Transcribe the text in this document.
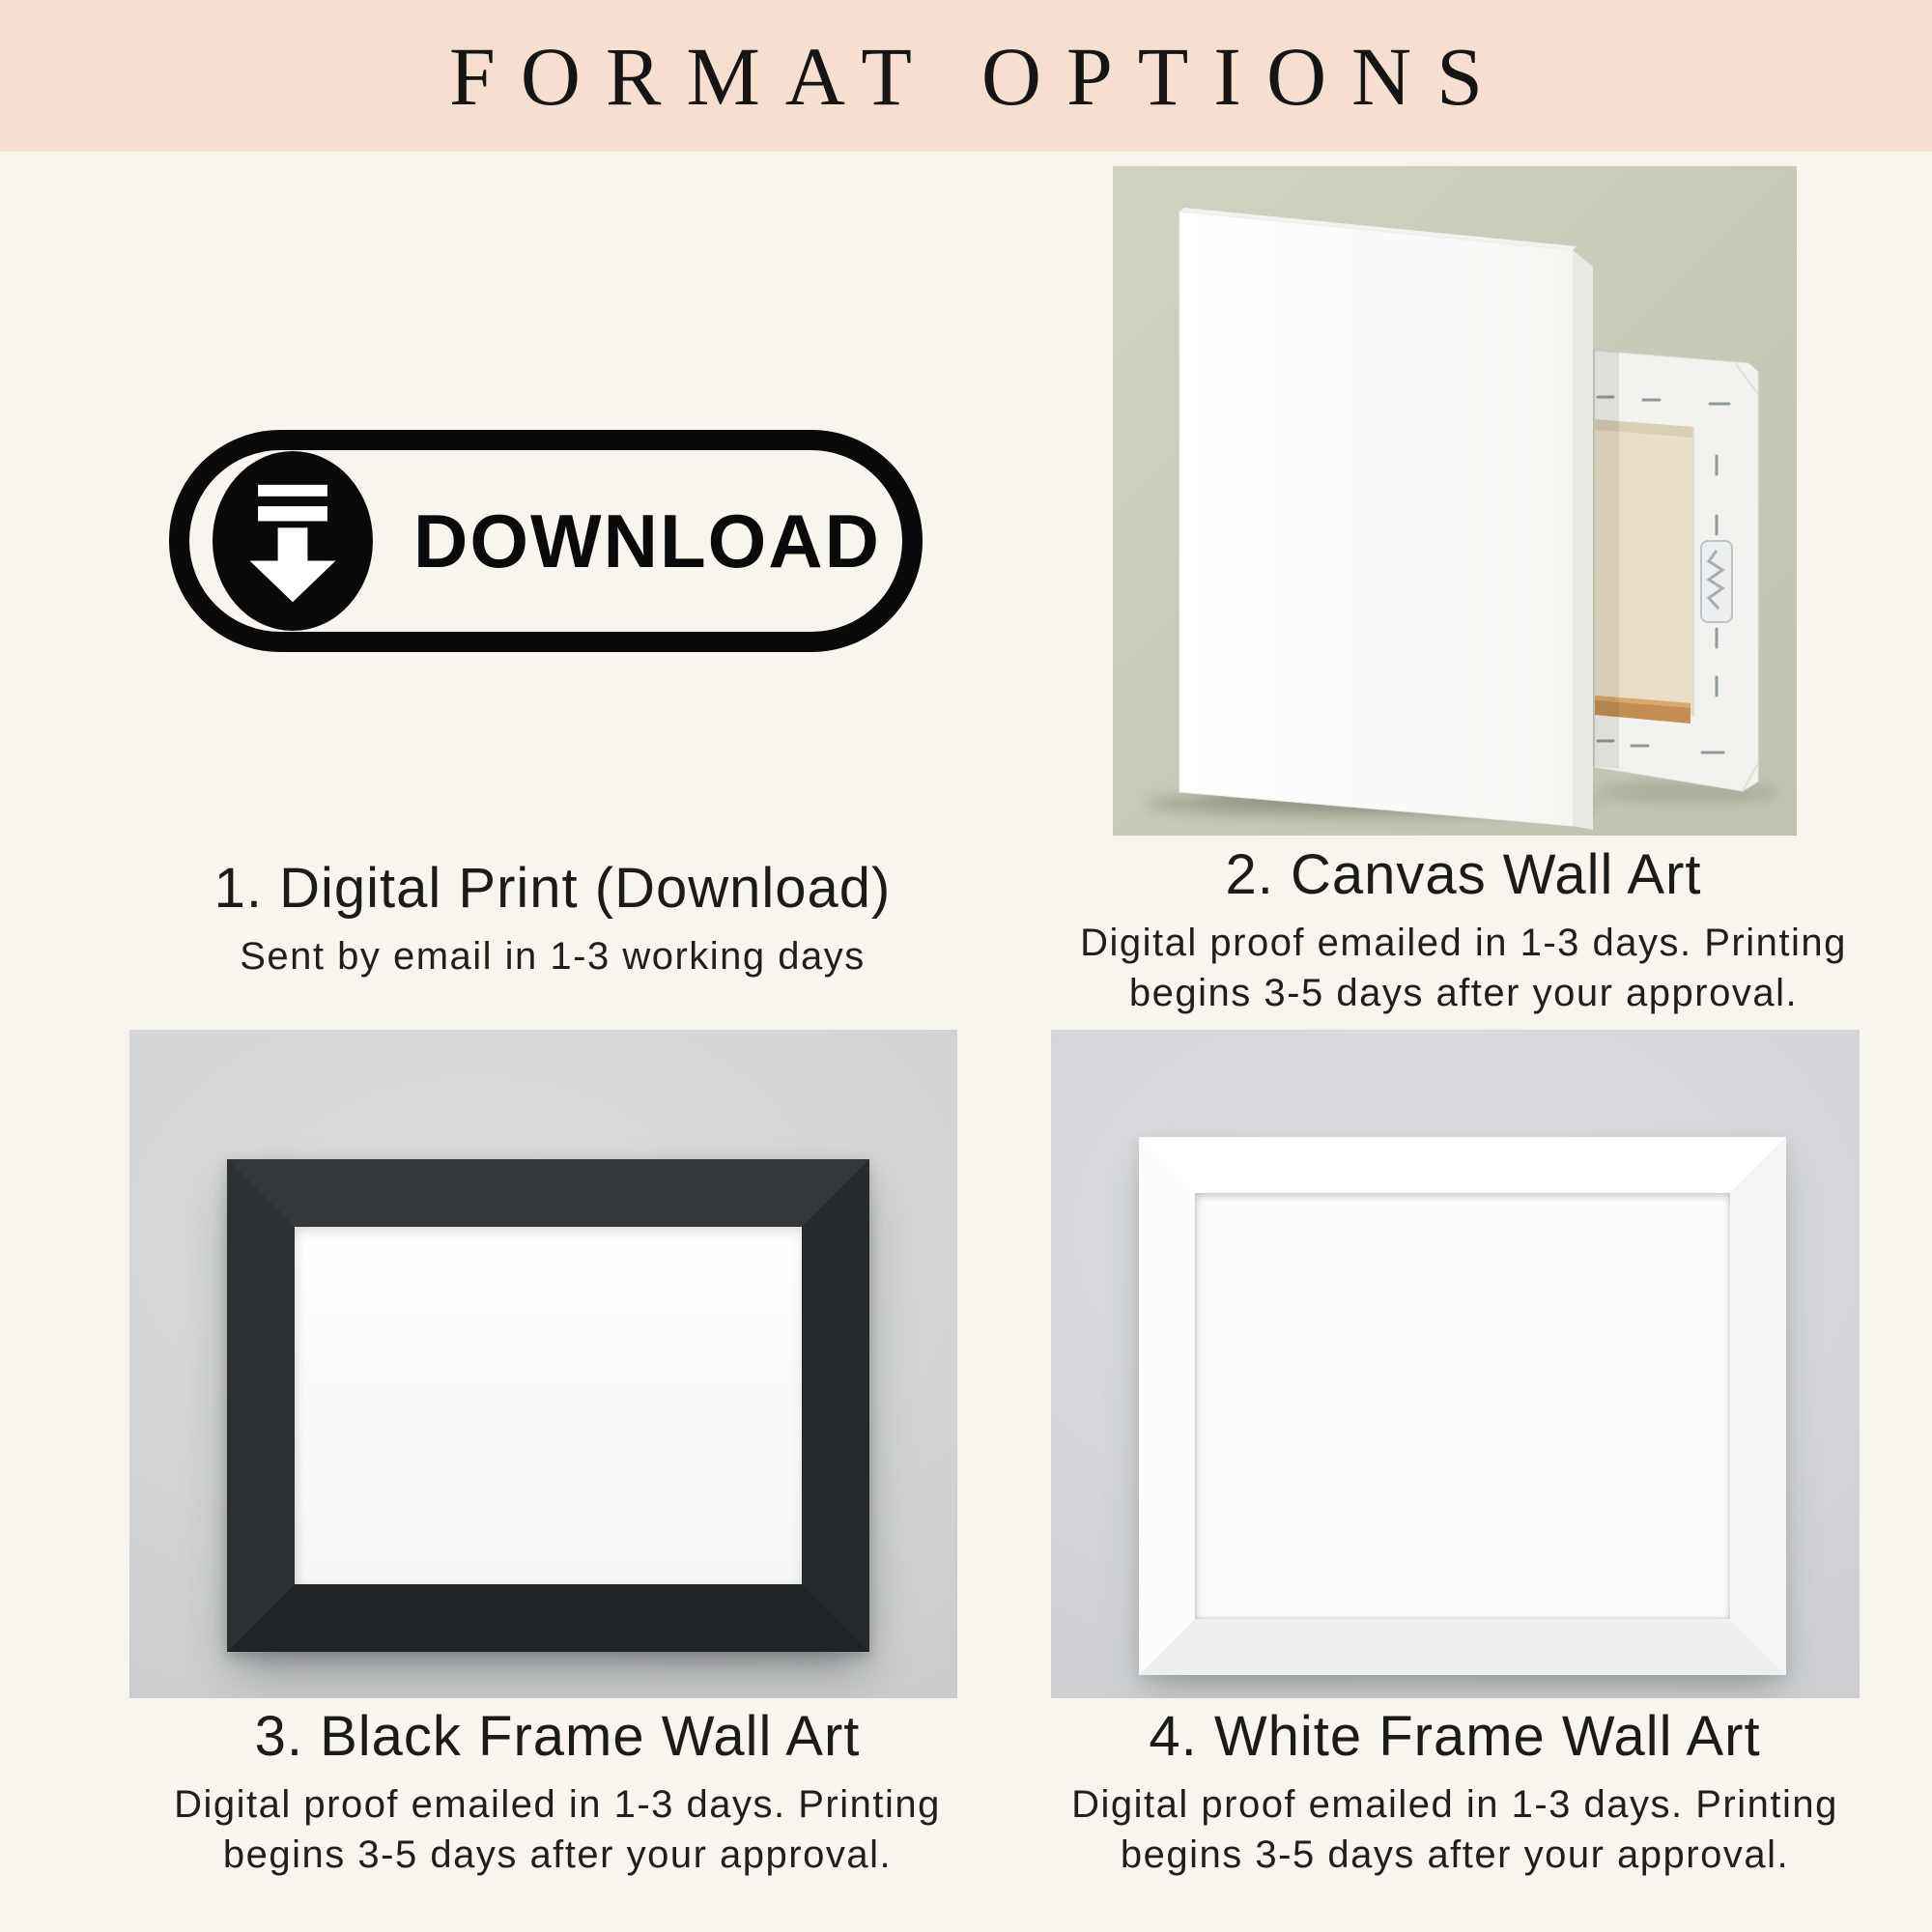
FORMAT OPTIONS
DOWNLOAD

1. Digital Print (Download)

Sent by email in 1-3 working days

2. Canvas Wall Art

Digital proof emailed in 1-3 days. Printing
begins 3-5 days after your approval.

3. Black Frame Wall Art

Digital proof emailed in 1-3 days. Printing
begins 3-5 days after your approval.

4. White Frame Wall Art

Digital proof emailed in 1-3 days. Printing
begins 3-5 days after your approval.
